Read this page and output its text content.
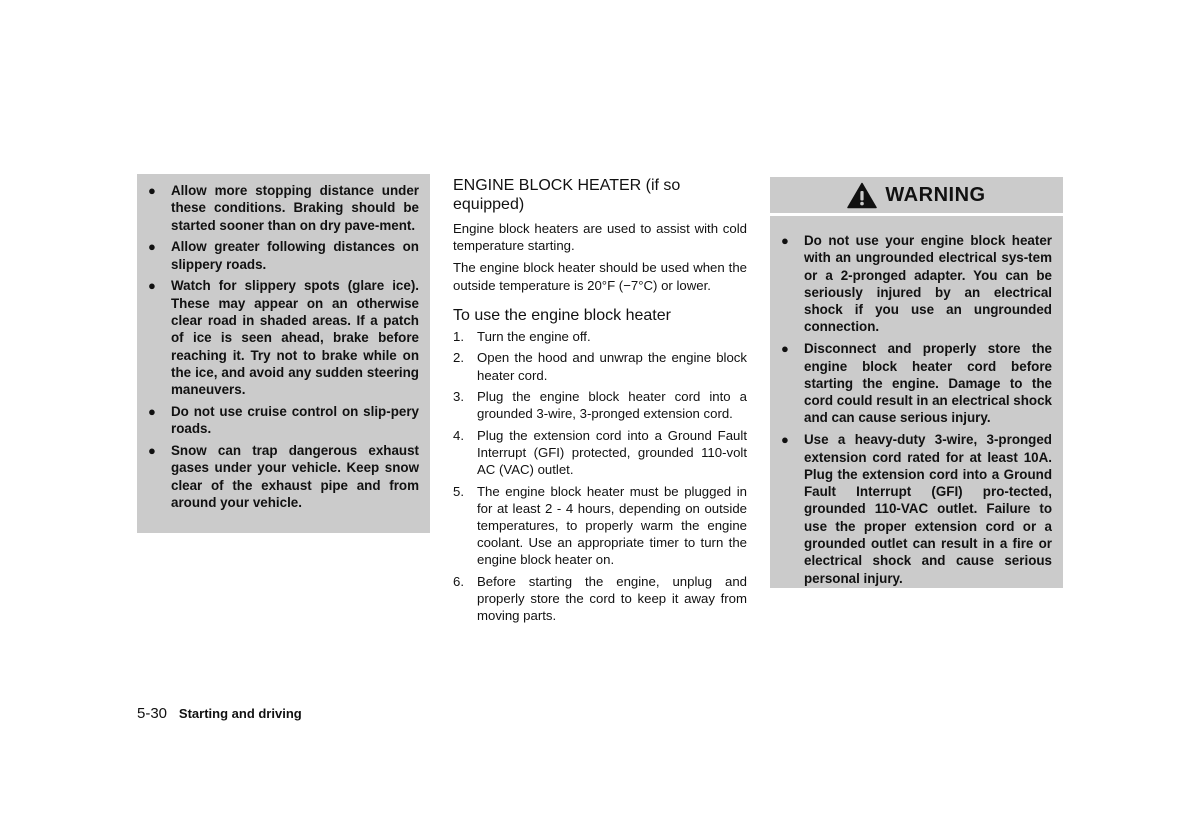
● Allow more stopping distance under these conditions. Braking should be started sooner than on dry pave-ment.
● Allow greater following distances on slippery roads.
● Watch for slippery spots (glare ice). These may appear on an otherwise clear road in shaded areas. If a patch of ice is seen ahead, brake before reaching it. Try not to brake while on the ice, and avoid any sudden steering maneuvers.
● Do not use cruise control on slip-pery roads.
● Snow can trap dangerous exhaust gases under your vehicle. Keep snow clear of the exhaust pipe and from around your vehicle.
ENGINE BLOCK HEATER (if so equipped)

Engine block heaters are used to assist with cold temperature starting.

The engine block heater should be used when the outside temperature is 20°F (−7°C) or lower.

To use the engine block heater
1. Turn the engine off.
2. Open the hood and unwrap the engine block heater cord.
3. Plug the engine block heater cord into a grounded 3-wire, 3-pronged extension cord.
4. Plug the extension cord into a Ground Fault Interrupt (GFI) protected, grounded 110-volt AC (VAC) outlet.
5. The engine block heater must be plugged in for at least 2 - 4 hours, depending on outside temperatures, to properly warm the engine coolant. Use an appropriate timer to turn the engine block heater on.
6. Before starting the engine, unplug and properly store the cord to keep it away from moving parts.
WARNING
● Do not use your engine block heater with an ungrounded electrical sys-tem or a 2-pronged adapter. You can be seriously injured by an electrical shock if you use an ungrounded connection.
● Disconnect and properly store the engine block heater cord before starting the engine. Damage to the cord could result in an electrical shock and can cause serious injury.
● Use a heavy-duty 3-wire, 3-pronged extension cord rated for at least 10A. Plug the extension cord into a Ground Fault Interrupt (GFI) pro-tected, grounded 110-VAC outlet. Failure to use the proper extension cord or a grounded outlet can result in a fire or electrical shock and cause serious personal injury.
5-30 Starting and driving
